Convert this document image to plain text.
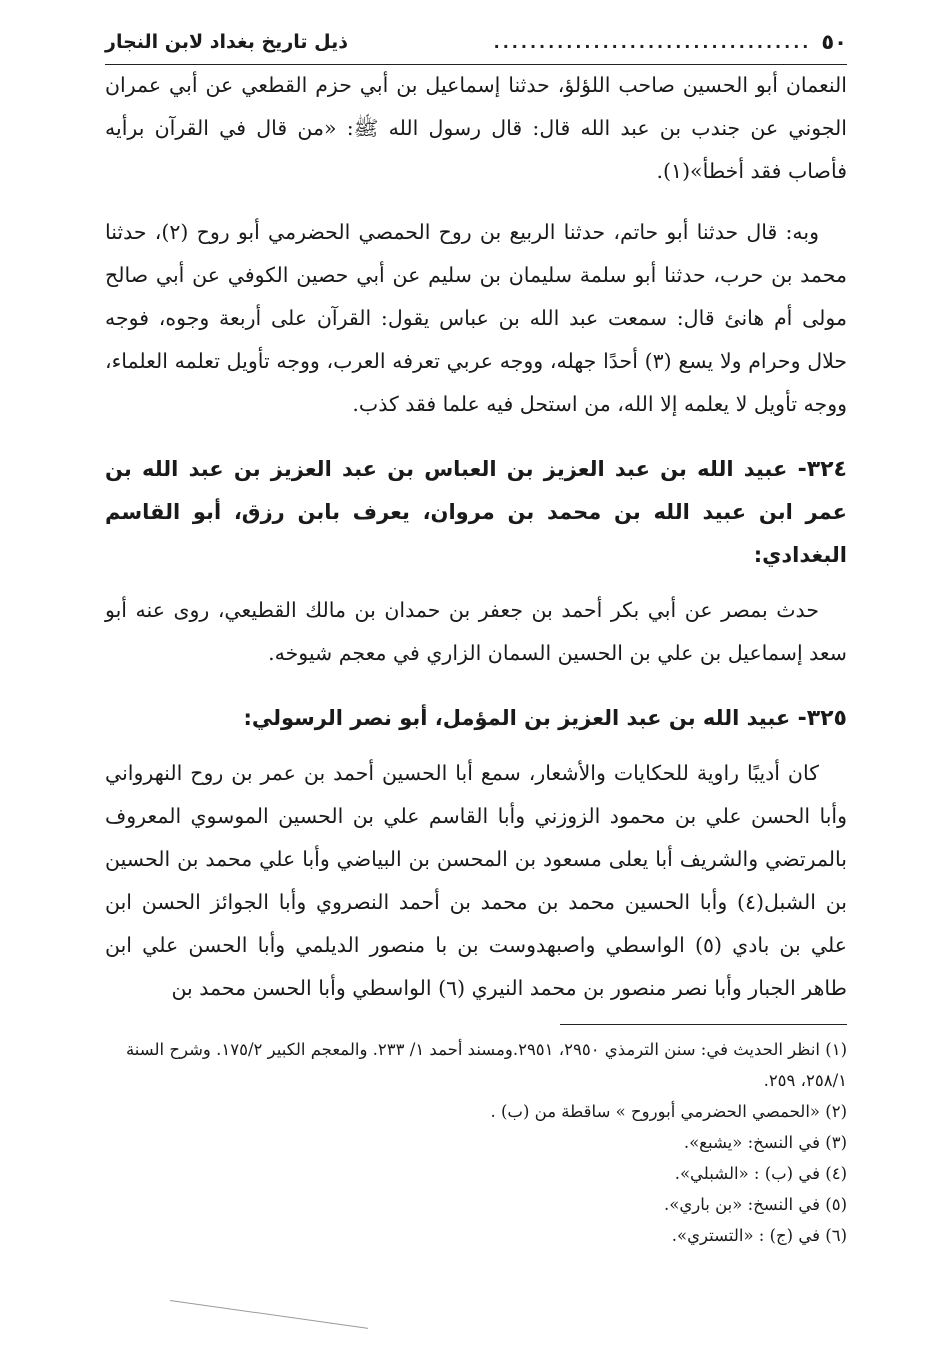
٥٠
...................................
ذيل تاريخ بغداد لابن النجار

النعمان أبو الحسين صاحب اللؤلؤ، حدثنا إسماعيل بن أبي حزم القطعي عن أبي عمران الجوني عن جندب بن عبد الله قال: قال رسول الله ﷺ: «من قال في القرآن برأيه فأصاب فقد أخطأ»(١).

وبه: قال حدثنا أبو حاتم، حدثنا الربيع بن روح الحمصي الحضرمي أبو روح (٢)، حدثنا محمد بن حرب، حدثنا أبو سلمة سليمان بن سليم عن أبي حصين الكوفي عن أبي صالح مولى أم هانئ قال: سمعت عبد الله بن عباس يقول: القرآن على أربعة وجوه، فوجه حلال وحرام ولا يسع (٣) أحدًا جهله، ووجه عربي تعرفه العرب، ووجه تأويل تعلمه العلماء، ووجه تأويل لا يعلمه إلا الله، من استحل فيه علما فقد كذب.

٣٢٤- عبيد الله بن عبد العزيز بن العباس بن عبد العزيز بن عبد الله بن عمر ابن عبيد الله بن محمد بن مروان، يعرف بابن رزق، أبو القاسم البغدادي:

حدث بمصر عن أبي بكر أحمد بن جعفر بن حمدان بن مالك القطيعي، روى عنه أبو سعد إسماعيل بن علي بن الحسين السمان الزاري في معجم شيوخه.

٣٢٥- عبيد الله بن عبد العزيز بن المؤمل، أبو نصر الرسولي:

كان أديبًا راوية للحكايات والأشعار، سمع أبا الحسين أحمد بن عمر بن روح النهرواني وأبا الحسن علي بن محمود الزوزني وأبا القاسم علي بن الحسين الموسوي المعروف بالمرتضي والشريف أبا يعلى مسعود بن المحسن بن البياضي وأبا علي محمد بن الحسين بن الشبل(٤) وأبا الحسين محمد بن محمد بن أحمد النصروي وأبا الجوائز الحسن ابن علي بن بادي (٥) الواسطي واصبهدوست بن با منصور الديلمي وأبا الحسن علي ابن طاهر الجبار وأبا نصر منصور بن محمد النيري (٦) الواسطي وأبا الحسن محمد بن

(١) انظر الحديث في: سنن الترمذي ٢٩٥٠، ٢٩٥١.ومسند أحمد ١/ ٢٣٣. والمعجم الكبير ١٧٥/٢. وشرح السنة ٢٥٨/١، ٢٥٩.

(٢) «الحمصي الحضرمي أبوروح » ساقطة من (ب) .

(٣) في النسخ: «يشبع».

(٤) في (ب) : «الشبلي».

(٥) في النسخ: «بن باري».

(٦) في (ج) : «التستري».
